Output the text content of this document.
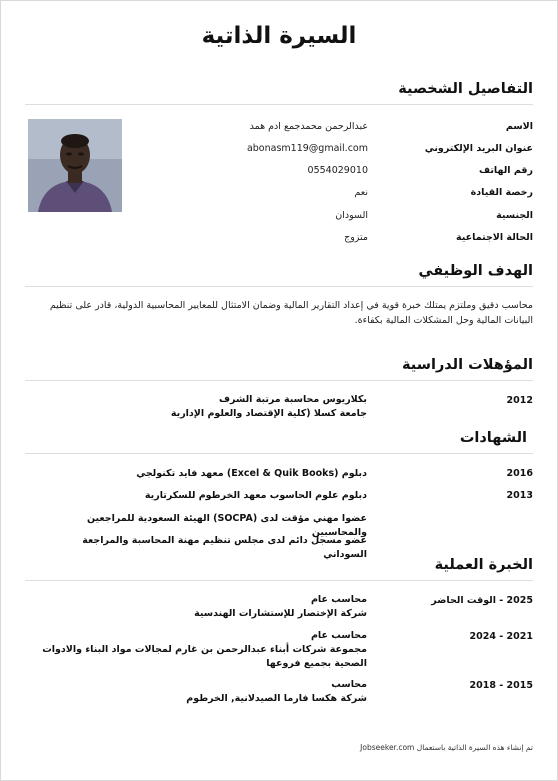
السيرة الذاتية
التفاصيل الشخصية
الاسم
عبدالرحمن محمدجمع ادم همد
عنوان البريد الإلكتروني
abonasm119@gmail.com
رقم الهاتف
0554029010
رخصة القيادة
نعم
الجنسية
السودان
الحالة الاجتماعية
متزوج
الهدف الوظيفي
محاسب دقيق وملتزم يمتلك خبرة قوية في إعداد التقارير المالية وضمان الامتثال للمعايير المحاسبية الدولية، قادر على تنظيم البيانات المالية وحل المشكلات المالية بكفاءة.
المؤهلات الدراسية
2012
بكلاريوس محاسبة مرتبة الشرف
جامعة كسلا (كلية الإقتصاد والعلوم الإدارية
الشهادات
2016
دبلوم (Excel & Quik Books) معهد فايد تكنولجي
2013
دبلوم علوم الحاسوب معهد الخرطوم للسكرتارية
عضوا مهني مؤقت لدى (SOCPA) الهيئة السعودية للمراجعين والمحاسبين
عضو مسجل دائم لدى مجلس تنظيم مهنة المحاسبة والمراجعة السوداني
الخبرة العملية
2025 - الوقت الحاضر
محاسب عام
شركة الإختصار للإستشارات الهندسية
2021 - 2024
محاسب عام
مجموعة شركات أبناء عبدالرحمن بن غارم لمجالات مواد البناء والادوات الصحية بجميع فروعها
2015 - 2018
محاسب
شركة هكسا فارما الصيدلانية, الخرطوم
تم إنشاء هذه السيرة الذاتية باستعمال Jobseeker.com
